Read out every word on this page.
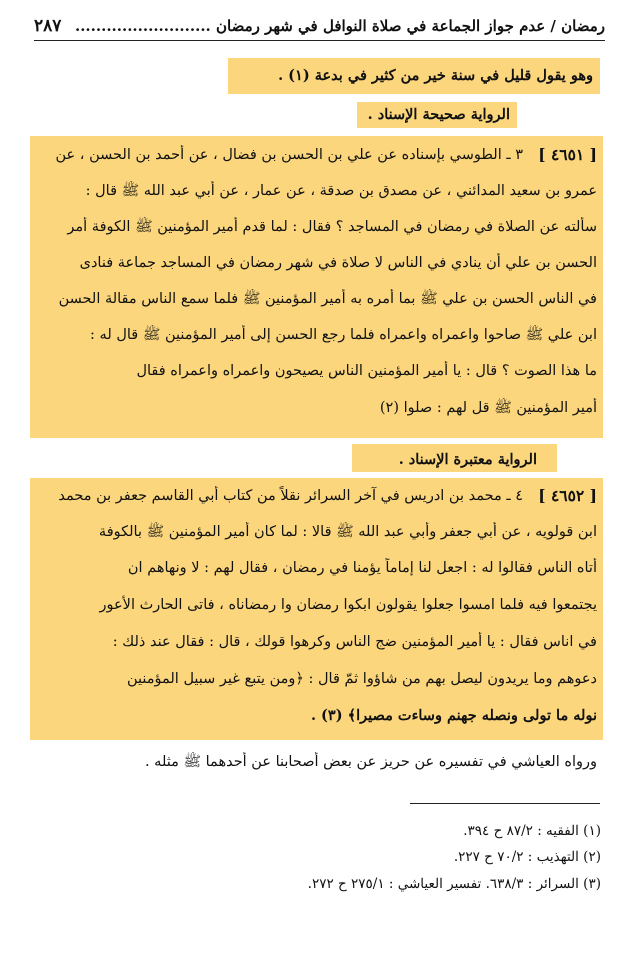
رمضان / عدم جواز الجماعة في صلاة النوافل في شهر رمضان ..........................
٢٨٧
وهو يقول قليل في سنة خير من كثير في بدعة (١) .
الرواية صحيحة الإسناد .
[ ٤٦٥١ ]
٣ ـ الطوسي بإسناده عن علي بن الحسن بن فضال ، عن أحمد بن الحسن ، عن
عمرو بن سعيد المدائني ، عن مصدق بن صدقة ، عن عمار ، عن أبي عبد الله ﷺ قال :
سألته عن الصلاة في رمضان في المساجد ؟ فقال : لما قدم أمير المؤمنين ﷺ الكوفة أمر
الحسن بن علي أن ينادي في الناس لا صلاة في شهر رمضان في المساجد جماعة فنادى
في الناس الحسن بن علي ﷺ بما أمره به أمير المؤمنين ﷺ فلما سمع الناس مقالة الحسن
ابن علي ﷺ صاحوا واعمراه واعمراه فلما رجع الحسن إلى أمير المؤمنين ﷺ قال له :
ما هذا الصوت ؟ قال : يا أمير المؤمنين الناس يصيحون واعمراه واعمراه فقال
أمير المؤمنين ﷺ قل لهم : صلوا (٢)
الرواية معتبرة الإسناد .
[ ٤٦٥٢ ]
٤ ـ محمد بن ادريس في آخر السرائر نقلاً من كتاب أبي القاسم جعفر بن محمد
ابن قولويه ، عن أبي جعفر وأبي عبد الله ﷺ قالا : لما كان أمير المؤمنين ﷺ بالكوفة
أتاه الناس فقالوا له : اجعل لنا إماماً يؤمنا في رمضان ، فقال لهم : لا ونهاهم ان
يجتمعوا فيه فلما امسوا جعلوا يقولون ابكوا رمضان وا رمضاناه ، فاتى الحارث الأعور
في اناس فقال : يا أمير المؤمنين ضج الناس وكرهوا قولك ، قال : فقال عند ذلك :
دعوهم وما يريدون ليصل بهم من شاؤوا ثمّ قال : ﴿ومن يتبع غير سبيل المؤمنين
نوله ما تولى ونصله جهنم وساءت مصيرا﴾ (٣) .
ورواه العياشي في تفسيره عن حريز عن بعض أصحابنا عن أحدهما ﷺ مثله .
(١) الفقيه : ٨٧/٢ ح ٣٩٤.
(٢) التهذيب : ٧٠/٢ ح ٢٢٧.
(٣) السرائر : ٦٣٨/٣. تفسير العياشي : ٢٧٥/١ ح ٢٧٢.
